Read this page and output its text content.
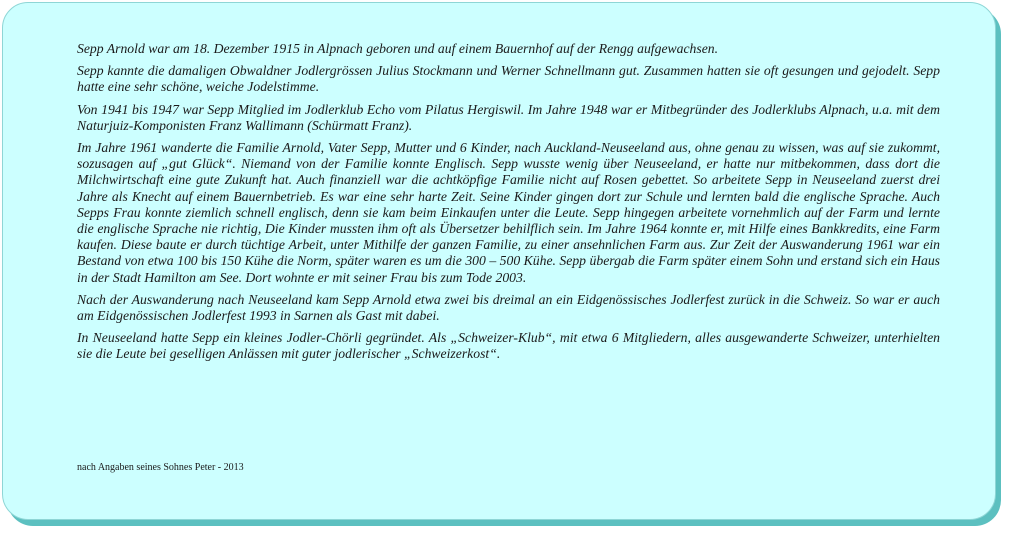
Sepp Arnold war am 18. Dezember 1915 in Alpnach geboren und auf einem Bauernhof auf der Rengg aufgewachsen.

Sepp kannte die damaligen Obwaldner Jodlergrössen Julius Stockmann und Werner Schnellmann gut. Zusammen hatten sie oft gesungen und gejodelt. Sepp hatte eine sehr schöne, weiche Jodelstimme.

Von 1941 bis 1947 war Sepp Mitglied im Jodlerklub Echo vom Pilatus Hergiswil. Im Jahre 1948 war er Mitbegründer des Jodlerklubs Alpnach, u.a. mit dem Naturjuiz-Komponisten Franz Wallimann (Schürmatt Franz).

Im Jahre 1961 wanderte die Familie Arnold, Vater Sepp, Mutter und 6 Kinder, nach Auckland-Neuseeland aus, ohne genau zu wissen, was auf sie zukommt, sozusagen auf „gut Glück“. Niemand von der Familie konnte Englisch. Sepp wusste wenig über Neuseeland, er hatte nur mitbekommen, dass dort die Milchwirtschaft eine gute Zukunft hat. Auch finanziell war die achtköpfige Familie nicht auf Rosen gebettet. So arbeitete Sepp in Neuseeland zuerst drei Jahre als Knecht auf einem Bauernbetrieb. Es war eine sehr harte Zeit. Seine Kinder gingen dort zur Schule und lernten bald die englische Sprache. Auch Sepps Frau konnte ziemlich schnell englisch, denn sie kam beim Einkaufen unter die Leute. Sepp hingegen arbeitete vornehmlich auf der Farm und lernte die englische Sprache nie richtig, Die Kinder mussten ihm oft als Übersetzer behilflich sein. Im Jahre 1964 konnte er, mit Hilfe eines Bankkredits, eine Farm kaufen. Diese baute er durch tüchtige Arbeit, unter Mithilfe der ganzen Familie, zu einer ansehnlichen Farm aus. Zur Zeit der Auswanderung 1961 war ein Bestand von etwa 100 bis 150 Kühe die Norm, später waren es um die 300 – 500 Kühe. Sepp übergab die Farm später einem Sohn und erstand sich ein Haus in der Stadt Hamilton am See. Dort wohnte er mit seiner Frau bis zum Tode 2003.

Nach der Auswanderung nach Neuseeland kam Sepp Arnold etwa zwei bis dreimal an ein Eidgenössisches Jodlerfest zurück in die Schweiz. So war er auch am Eidgenössischen Jodlerfest 1993 in Sarnen als Gast mit dabei.

In Neuseeland hatte Sepp ein kleines Jodler-Chörli gegründet. Als „Schweizer-Klub“, mit etwa 6 Mitgliedern, alles ausgewanderte Schweizer, unterhielten sie die Leute bei geselligen Anlässen mit guter jodlerischer „Schweizerkost“.

nach Angaben seines Sohnes Peter - 2013
